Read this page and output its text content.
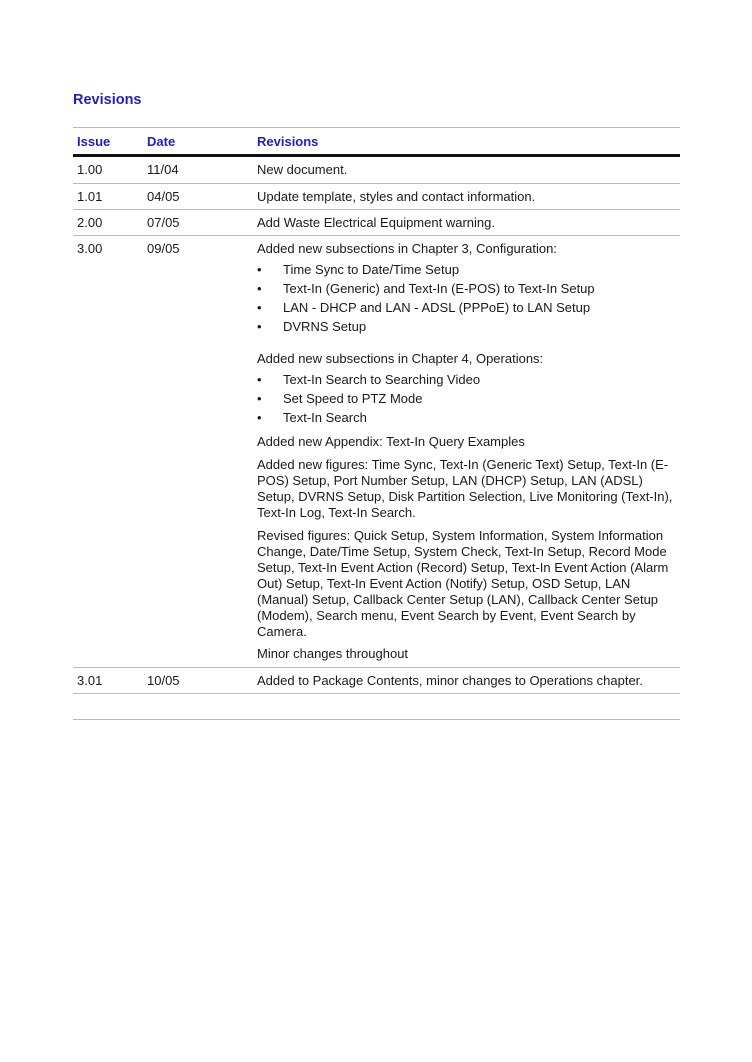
Revisions
Issue	Date	Revisions
1.00	11/04	New document.
1.01	04/05	Update template, styles and contact information.
2.00	07/05	Add Waste Electrical Equipment warning.
3.00	09/05	Added new subsections in Chapter 3, Configuration:

•	Time Sync to Date/Time Setup
•	Text-In (Generic) and Text-In (E-POS) to Text-In Setup
•	LAN - DHCP and LAN - ADSL (PPPoE) to LAN Setup
•	DVRNS Setup

Added new subsections in Chapter 4, Operations:

•	Text-In Search to Searching Video
•	Set Speed to PTZ Mode
•	Text-In Search

Added new Appendix: Text-In Query Examples

Added new figures: Time Sync, Text-In (Generic Text) Setup, Text-In (E-POS) Setup, Port Number Setup, LAN (DHCP) Setup, LAN (ADSL) Setup, DVRNS Setup, Disk Partition Selection, Live Monitoring (Text-In), Text-In Log, Text-In Search.

Revised figures: Quick Setup, System Information, System Information Change, Date/Time Setup, System Check, Text-In Setup, Record Mode Setup, Text-In Event Action (Record) Setup, Text-In Event Action (Alarm Out) Setup, Text-In Event Action (Notify) Setup, OSD Setup, LAN (Manual) Setup, Callback Center Setup (LAN), Callback Center Setup (Modem), Search menu, Event Search by Event, Event Search by Camera.

Minor changes throughout

3.01	10/05	Added to Package Contents, minor changes to Operations chapter.
